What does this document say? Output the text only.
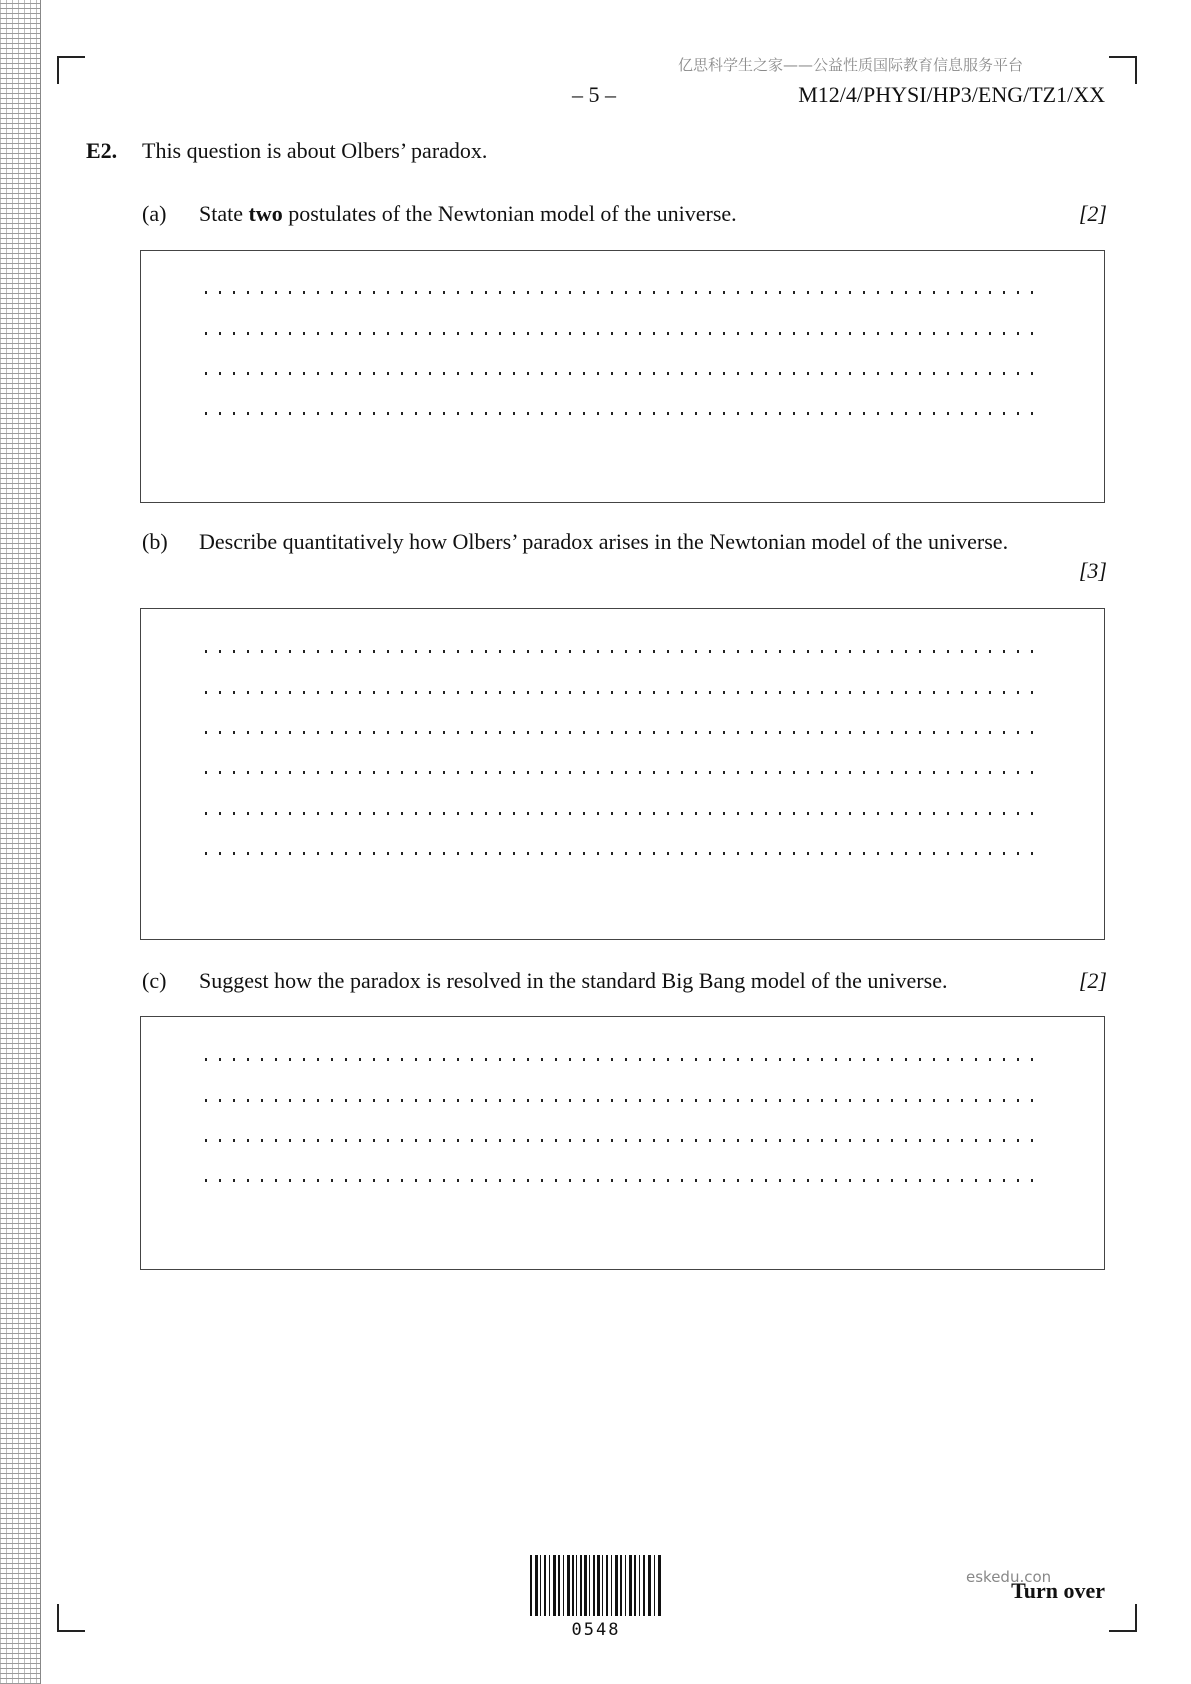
亿思科学生之家——公益性质国际教育信息服务平台
– 5 –	M12/4/PHYSI/HP3/ENG/TZ1/XX
E2. This question is about Olbers’ paradox.
(a) State two postulates of the Newtonian model of the universe.	[2]
(b) Describe quantitatively how Olbers’ paradox arises in the Newtonian model of the universe.
[3]
(c) Suggest how the paradox is resolved in the standard Big Bang model of the universe.	[2]
0548
eskedu.con
Turn over
